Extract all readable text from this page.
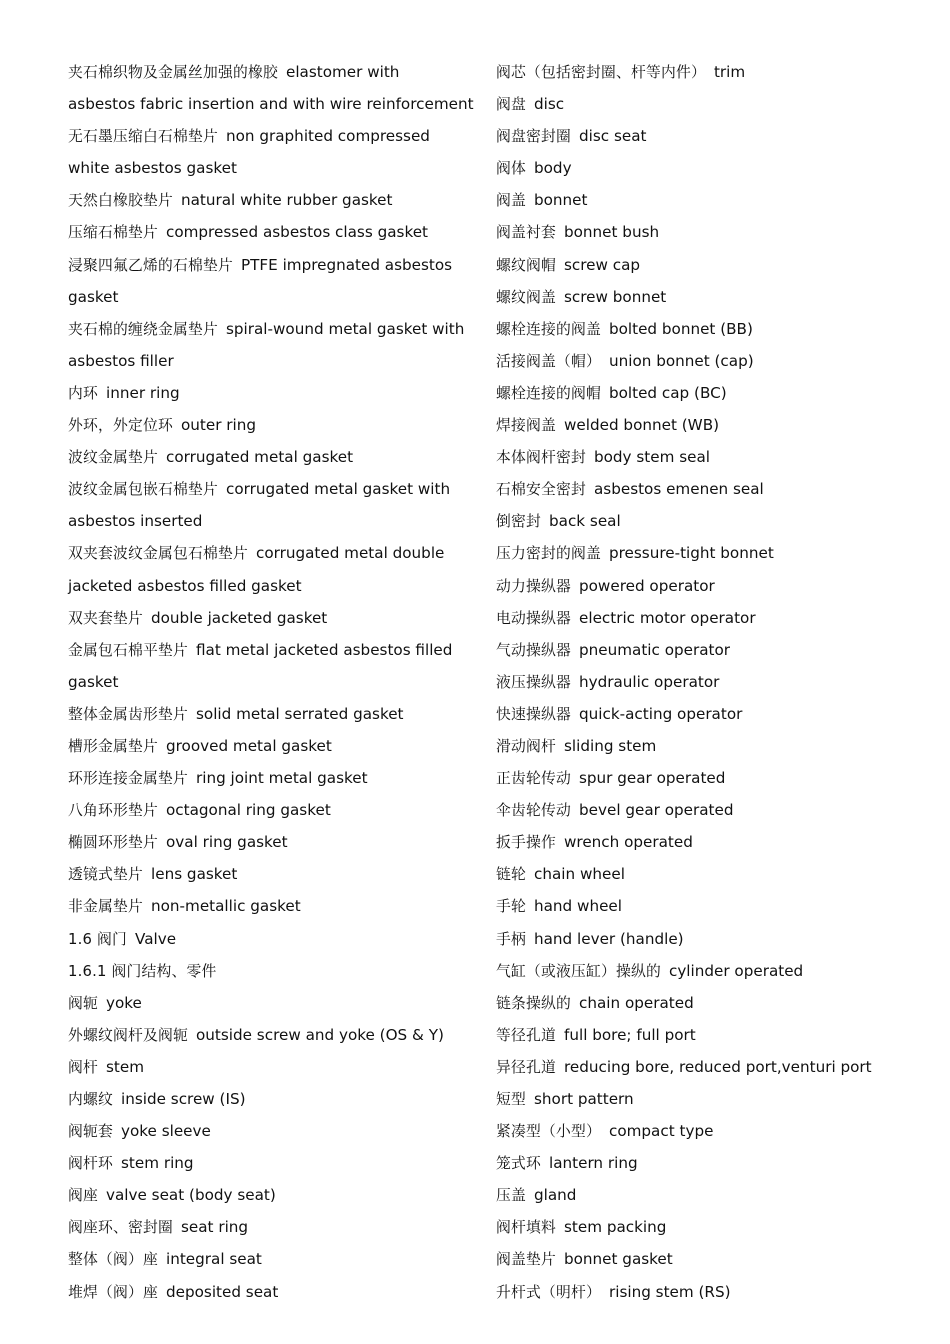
夹石棉织物及金属丝加强的橡胶 elastomer with
asbestos fabric insertion and with wire reinforcement
无石墨压缩白石棉垫片 non graphited compressed
white asbestos gasket
天然白橡胶垫片 natural white rubber gasket
压缩石棉垫片 compressed asbestos class gasket
浸聚四氟乙烯的石棉垫片 PTFE impregnated asbestos
gasket
夹石棉的缠绕金属垫片 spiral-wound metal gasket with
asbestos filler
内环 inner ring
外环，外定位环 outer ring
波纹金属垫片 corrugated metal gasket
波纹金属包嵌石棉垫片 corrugated metal gasket with
asbestos inserted
双夹套波纹金属包石棉垫片 corrugated metal double
jacketed asbestos filled gasket
双夹套垫片 double jacketed gasket
金属包石棉平垫片 flat metal jacketed asbestos filled
gasket
整体金属齿形垫片 solid metal serrated gasket
槽形金属垫片 grooved metal gasket
环形连接金属垫片 ring joint metal gasket
八角环形垫片 octagonal ring gasket
椭圆环形垫片 oval ring gasket
透镜式垫片 lens gasket
非金属垫片 non-metallic gasket
1.6 阀门 Valve
1.6.1 阀门结构、零件
阀轭 yoke
外螺纹阀杆及阀轭 outside screw and yoke (OS & Y)
阀杆 stem
内螺纹 inside screw (IS)
阀轭套 yoke sleeve
阀杆环 stem ring
阀座 valve seat (body seat)
阀座环、密封圈 seat ring
整体（阀）座 integral seat
堆焊（阀）座 deposited seat
阀芯（包括密封圈、杆等内件） trim
阀盘 disc
阀盘密封圈 disc seat
阀体 body
阀盖 bonnet
阀盖衬套 bonnet bush
螺纹阀帽 screw cap
螺纹阀盖 screw bonnet
螺栓连接的阀盖 bolted bonnet (BB)
活接阀盖（帽） union bonnet (cap)
螺栓连接的阀帽 bolted cap (BC)
焊接阀盖 welded bonnet (WB)
本体阀杆密封 body stem seal
石棉安全密封 asbestos emenen seal
倒密封 back seal
压力密封的阀盖 pressure-tight bonnet
动力操纵器 powered operator
电动操纵器 electric motor operator
气动操纵器 pneumatic operator
液压操纵器 hydraulic operator
快速操纵器 quick-acting operator
滑动阀杆 sliding stem
正齿轮传动 spur gear operated
伞齿轮传动 bevel gear operated
扳手操作 wrench operated
链轮 chain wheel
手轮 hand wheel
手柄 hand lever (handle)
气缸（或液压缸）操纵的 cylinder operated
链条操纵的 chain operated
等径孔道 full bore; full port
异径孔道 reducing bore, reduced port,venturi port
短型 short pattern
紧凑型（小型） compact type
笼式环 lantern ring
压盖 gland
阀杆填料 stem packing
阀盖垫片 bonnet gasket
升杆式（明杆） rising stem (RS)
